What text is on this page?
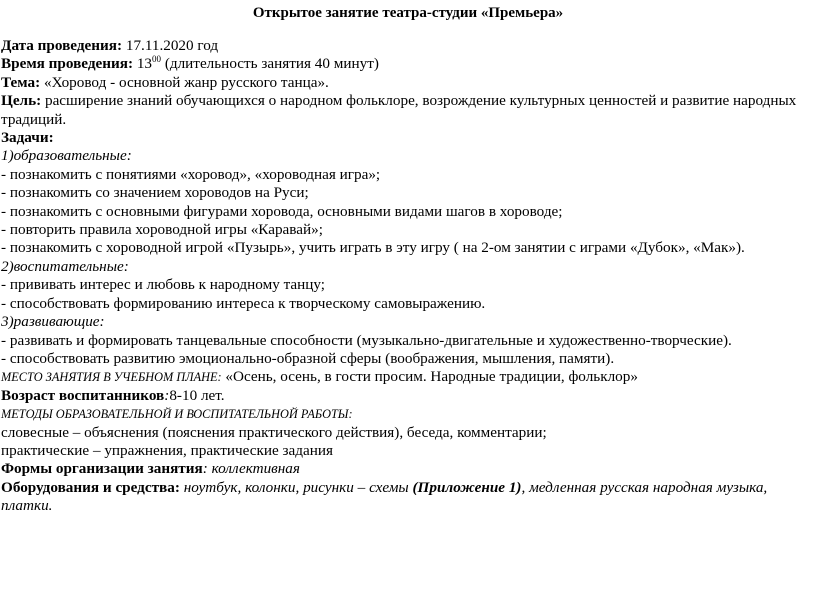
Открытое занятие театра-студии «Премьера»
Дата проведения: 17.11.2020 год
Время проведения: $13^{00}$ (длительность занятия 40 минут)
Тема: «Хоровод - основной жанр русского танца».
Цель: расширение знаний обучающихся о народном фольклоре, возрождение культурных ценностей и развитие народных традиций.
Задачи:
1)образовательные:
- познакомить с понятиями «хоровод», «хороводная игра»;
- познакомить со значением хороводов на Руси;
- познакомить с основными фигурами хоровода, основными видами шагов в хороводе;
- повторить правила хороводной игры «Каравай»;
- познакомить с хороводной игрой «Пузырь», учить играть в эту игру ( на 2-ом занятии с играми «Дубок», «Мак»).
2)воспитательные:
- прививать интерес и любовь к народному танцу;
- способствовать формированию интереса к творческому самовыражению.
3)развивающие:
- развивать и формировать танцевальные способности (музыкально-двигательные и художественно-творческие).
- способствовать развитию эмоционально-образной сферы (воображения, мышления, памяти).
МЕСТО ЗАНЯТИЯ В УЧЕБНОМ ПЛАНЕ: «Осень, осень, в гости просим. Народные традиции, фольклор»
Возраст воспитанников:8-10 лет.
МЕТОДЫ ОБРАЗОВАТЕЛЬНОЙ И ВОСПИТАТЕЛЬНОЙ РАБОТЫ:
словесные – объяснения (пояснения практического действия), беседа, комментарии;
практические – упражнения, практические задания
Формы организации занятия: коллективная
Оборудования и средства: ноутбук, колонки, рисунки – схемы (Приложение 1), медленная русская народная музыка, платки.
